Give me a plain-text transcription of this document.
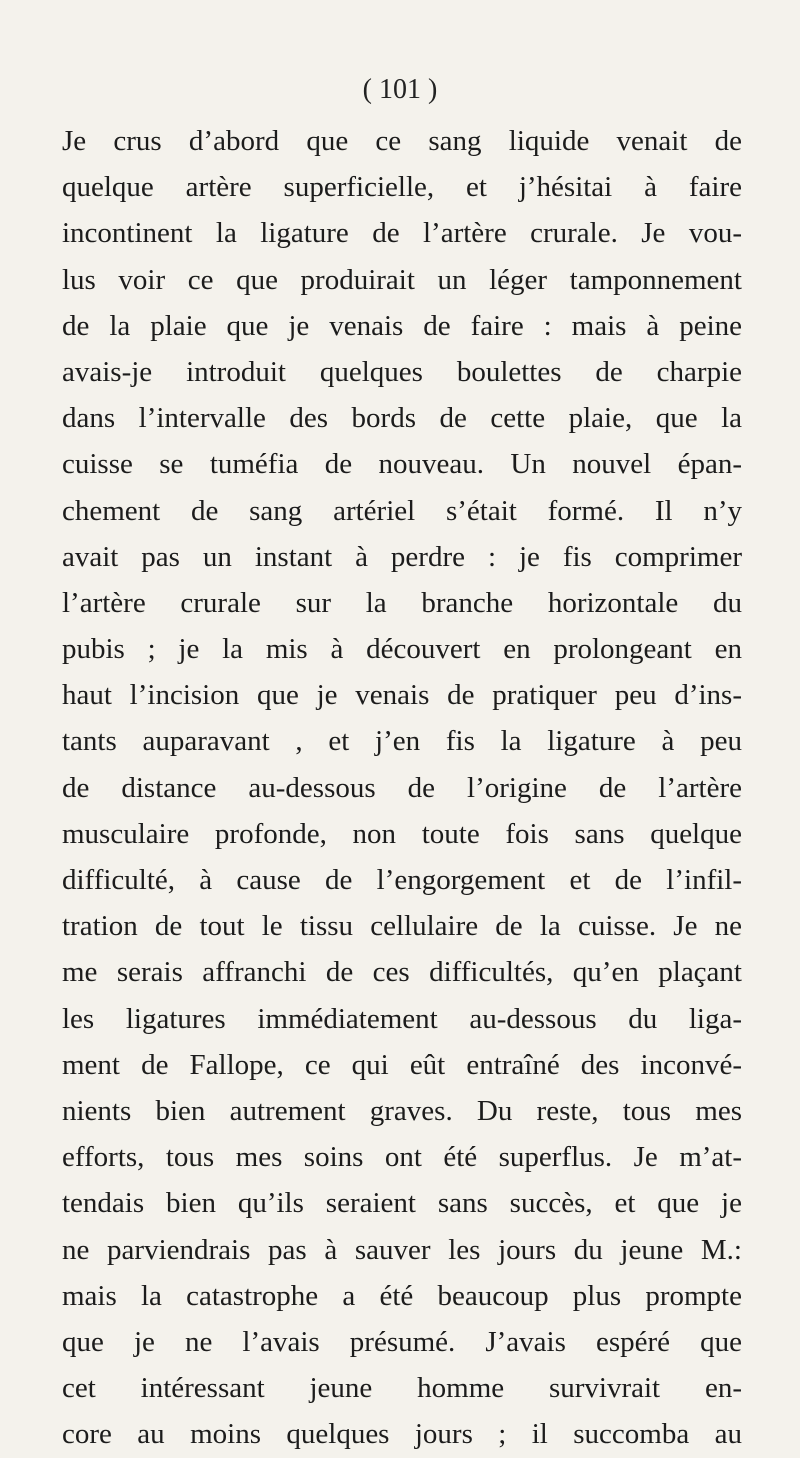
( 101 )
Je crus d’abord que ce sang liquide venait de
quelque artère superficielle, et j’hésitai à faire
incontinent la ligature de l’artère crurale. Je vou-
lus voir ce que produirait un léger tamponnement
de la plaie que je venais de faire : mais à peine
avais-je introduit quelques boulettes de charpie
dans l’intervalle des bords de cette plaie, que la
cuisse se tuméfia de nouveau. Un nouvel épan-
chement de sang artériel s’était formé. Il n’y
avait pas un instant à perdre : je fis comprimer
l’artère crurale sur la branche horizontale du
pubis ; je la mis à découvert en prolongeant en
haut l’incision que je venais de pratiquer peu d’ins-
tants auparavant , et j’en fis la ligature à peu
de distance au-dessous de l’origine de l’artère
musculaire profonde, non toute fois sans quelque
difficulté, à cause de l’engorgement et de l’infil-
tration de tout le tissu cellulaire de la cuisse. Je ne
me serais affranchi de ces difficultés, qu’en plaçant
les ligatures immédiatement au-dessous du liga-
ment de Fallope, ce qui eût entraîné des inconvé-
nients bien autrement graves. Du reste, tous mes
efforts, tous mes soins ont été superflus. Je m’at-
tendais bien qu’ils seraient sans succès, et que je
ne parviendrais pas à sauver les jours du jeune M.:
mais la catastrophe a été beaucoup plus prompte
que je ne l’avais présumé. J’avais espéré que
cet intéressant jeune homme survivrait en-
core au moins quelques jours ; il succomba au
